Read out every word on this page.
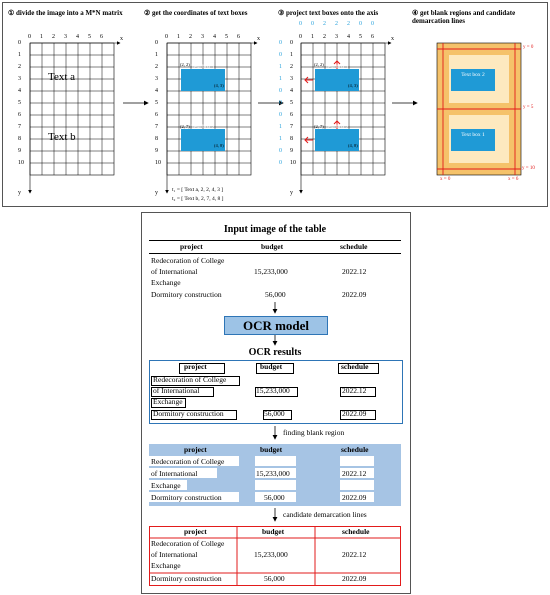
① divide the image into a M*N matrix	② get the coordinates of text boxes	③ project text boxes onto the axis	④ get blank regions and candidate demarcation lines
0 1 2 3 4 5 6	x
0
1
2
3
4
5
6
7
8
9
10
y
Text a
Text b
0 1 2 3 4 5 6	x
0
1
2
3
4
5
6
7
8
9
10
y
Text box 1
Text box 2
(2, 2)
(4, 3)
(2, 7)
(4, 8)
t₁ = [ Text a, 2, 2, 4, 3 ]
t₂ = [ Text b, 2, 7, 4, 8 ]
0 0 2 2 2 0 0
0 1 2 3 4 5 6	x
0
0
1
1
0
0
0
1
1
0
0
0
1
2
3
4
5
6
7
8
9
10
y
Text box 1
Text box 2
(2, 2)
(4, 3)
(2, 7)
(4, 8)
Text box 2
Text box 1
y = 0
y = 5
y = 10
x = 0	x = 6
Input image of the table
project	budget	schedule
Redecoration of College
of International
Exchange
15,233,000	2022.12
Dormitory construction	56,000	2022.09
OCR model
OCR results
project	budget	schedule
Redecoration of College
of International	15,233,000	2022.12
Exchange
Dormitory construction	56,000	2022.09
finding blank region
project	budget	schedule
Redecoration of College
of International	15,233,000	2022.12
Exchange
Dormitory construction	56,000	2022.09
candidate demarcation lines
project	budget	schedule
Redecoration of College
of International	15,233,000	2022.12
Exchange
Dormitory construction	56,000	2022.09
